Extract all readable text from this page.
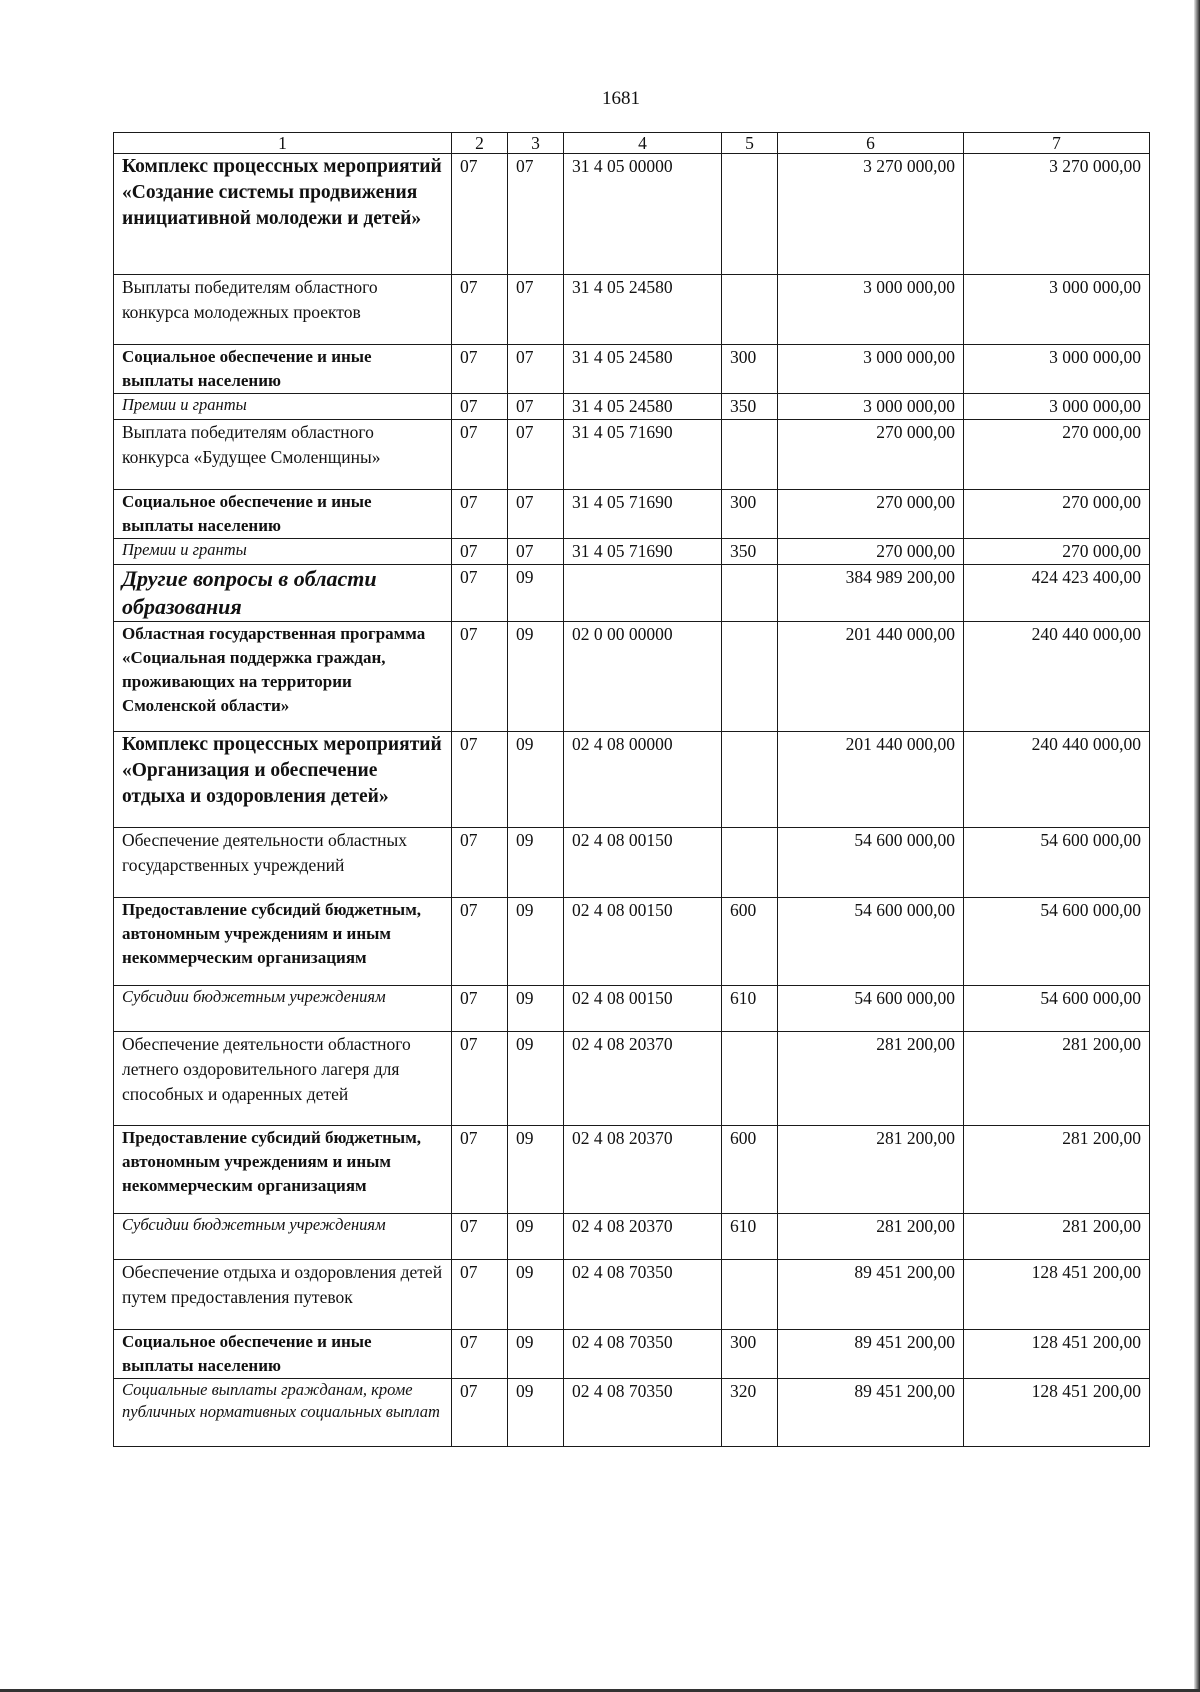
1681
1	2	3	4	5	6	7
Комплекс процессных мероприятий «Создание системы продвижения инициативной молодежи и детей»	07	07	31 4 05 00000		3 270 000,00	3 270 000,00
Выплаты победителям областного конкурса молодежных проектов	07	07	31 4 05 24580		3 000 000,00	3 000 000,00
Социальное обеспечение и иные выплаты населению	07	07	31 4 05 24580	300	3 000 000,00	3 000 000,00
Премии и гранты	07	07	31 4 05 24580	350	3 000 000,00	3 000 000,00
Выплата победителям областного конкурса «Будущее Смоленщины»	07	07	31 4 05 71690		270 000,00	270 000,00
Социальное обеспечение и иные выплаты населению	07	07	31 4 05 71690	300	270 000,00	270 000,00
Премии и гранты	07	07	31 4 05 71690	350	270 000,00	270 000,00
Другие вопросы в области образования	07	09			384 989 200,00	424 423 400,00
Областная государственная программа «Социальная поддержка граждан, проживающих на территории Смоленской области»	07	09	02 0 00 00000		201 440 000,00	240 440 000,00
Комплекс процессных мероприятий «Организация и обеспечение отдыха и оздоровления детей»	07	09	02 4 08 00000		201 440 000,00	240 440 000,00
Обеспечение деятельности областных государственных учреждений	07	09	02 4 08 00150		54 600 000,00	54 600 000,00
Предоставление субсидий бюджетным, автономным учреждениям и иным некоммерческим организациям	07	09	02 4 08 00150	600	54 600 000,00	54 600 000,00
Субсидии бюджетным учреждениям	07	09	02 4 08 00150	610	54 600 000,00	54 600 000,00
Обеспечение деятельности областного летнего оздоровительного лагеря для способных и одаренных детей	07	09	02 4 08 20370		281 200,00	281 200,00
Предоставление субсидий бюджетным, автономным учреждениям и иным некоммерческим организациям	07	09	02 4 08 20370	600	281 200,00	281 200,00
Субсидии бюджетным учреждениям	07	09	02 4 08 20370	610	281 200,00	281 200,00
Обеспечение отдыха и оздоровления детей путем предоставления путевок	07	09	02 4 08 70350		89 451 200,00	128 451 200,00
Социальное обеспечение и иные выплаты населению	07	09	02 4 08 70350	300	89 451 200,00	128 451 200,00
Социальные выплаты гражданам, кроме публичных нормативных социальных выплат	07	09	02 4 08 70350	320	89 451 200,00	128 451 200,00
